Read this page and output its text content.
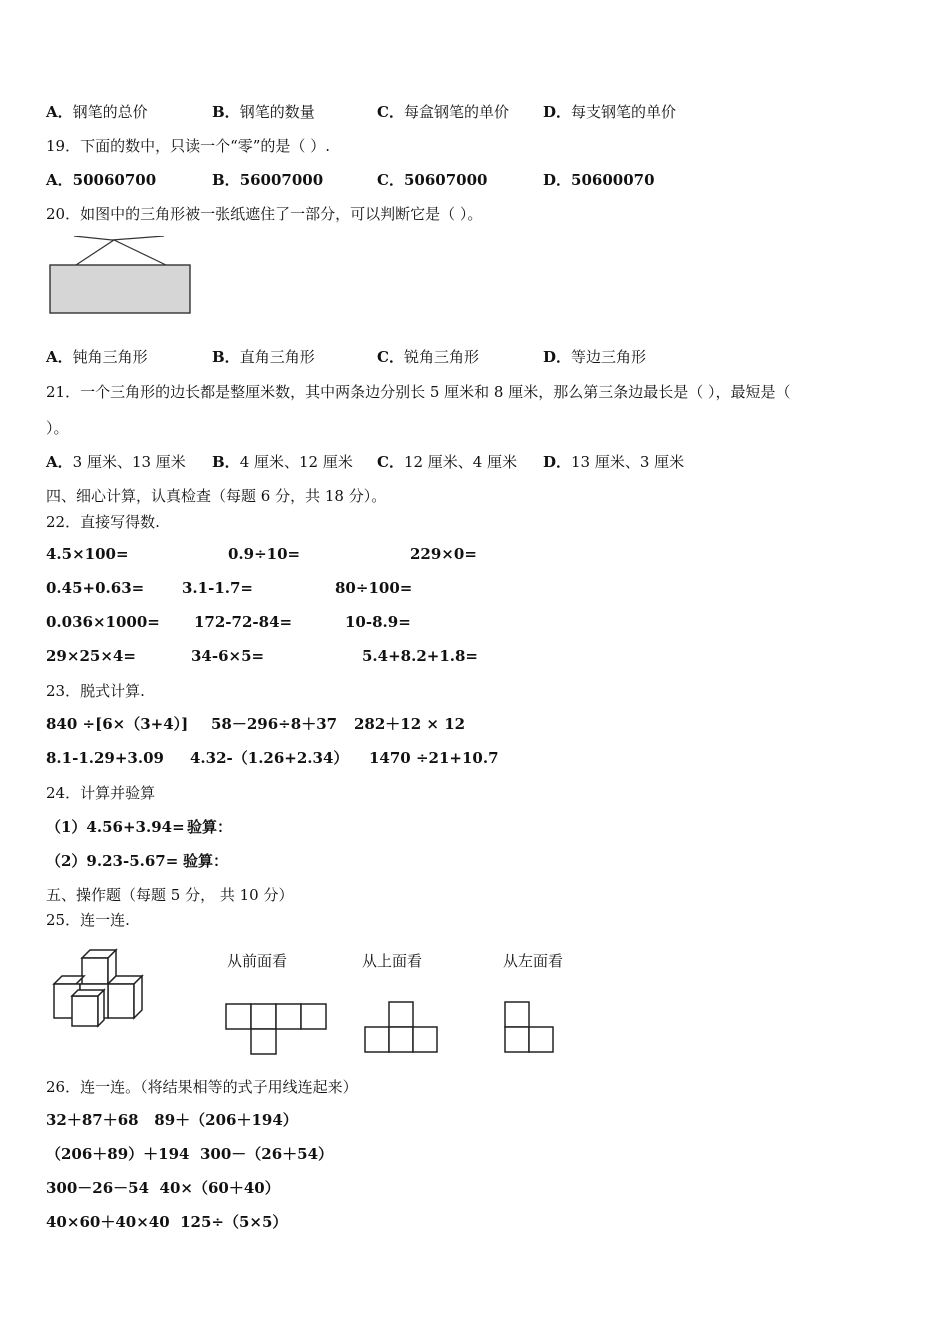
A．钢笔的总价	B．钢笔的数量	C．每盒钢笔的单价 D．每支钢笔的单价
19．下面的数中，只读一个“零”的是（ ）.
A．50060700	B．56007000	C．50607000	D．50600070
20．如图中的三角形被一张纸遮住了一部分，可以判断它是（ ）。
A．钝角三角形	B．直角三角形	C．锐角三角形	D．等边三角形
21．一个三角形的边长都是整厘米数，其中两条边分别长 5 厘米和 8 厘米，那么第三条边最长是（ ），最短是（
）。
A．3 厘米、13 厘米 B．4 厘米、12 厘米 C．12 厘米、4 厘米 D．13 厘米、3 厘米
四、细心计算，认真检查（每题 6 分，共 18 分）。
22．直接写得数.
4.5×100=	0.9÷10=	229×0=
0.45+0.63=	3.1-1.7=	80÷100=
0.036×1000= 172-72-84=	10-8.9=
29×25×4=	34-6×5=	5.4+8.2+1.8=
23．脱式计算.
840 ÷[6×（3+4）] 58－296÷8＋37 282＋12 × 12
8.1-1.29+3.09 4.32-（1.26+2.34） 1470 ÷21+10.7
24．计算并验算
（1）4.56+3.94= 验算：
（2）9.23-5.67= 验算：
五、操作题（每题 5 分， 共 10 分）
25．连一连.
从前面看	从上面看	从左面看
26．连一连。（将结果相等的式子用线连起来）
32＋87＋68 89＋（206＋194）
（206＋89）＋194 300－（26＋54）
300－26－54 40×（60＋40）
40×60＋40×40 125÷（5×5）
